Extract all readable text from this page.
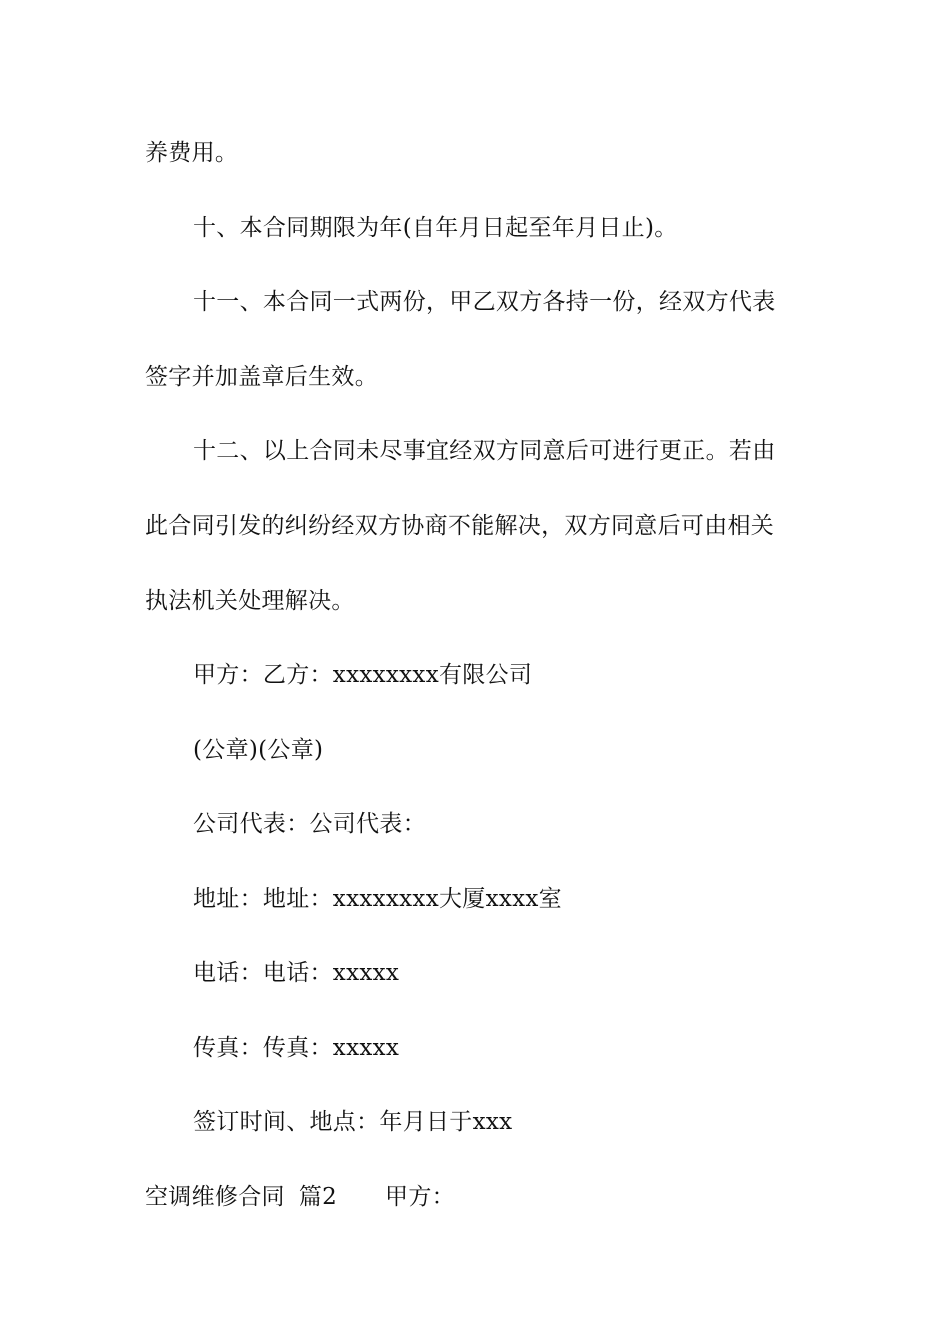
养费用。
十、本合同期限为年(自年月日起至年月日止)。
十一、本合同一式两份，甲乙双方各持一份，经双方代表
签字并加盖章后生效。
十二、以上合同未尽事宜经双方同意后可进行更正。若由
此合同引发的纠纷经双方协商不能解决，双方同意后可由相关
执法机关处理解决。
甲方：乙方：xxxxxxxx有限公司
(公章)(公章)
公司代表：公司代表：
地址：地址：xxxxxxxx大厦xxxx室
电话：电话：xxxxx
传真：传真：xxxxx
签订时间、地点：年月日于xxx
空调维修合同 篇2 甲方：
